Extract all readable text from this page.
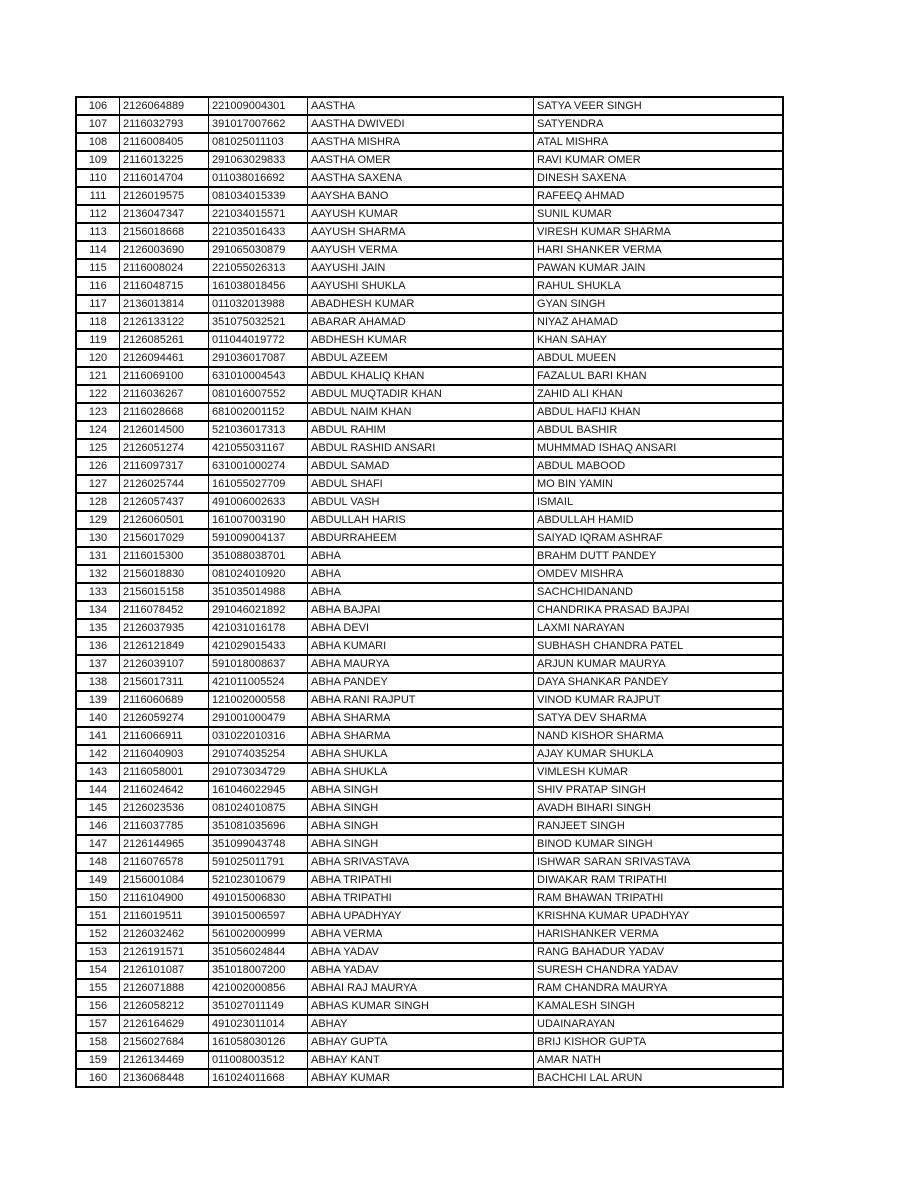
106	2126064889	221009004301	AASTHA	SATYA VEER SINGH
107	2116032793	391017007662	AASTHA DWIVEDI	SATYENDRA
108	2116008405	081025011103	AASTHA MISHRA	ATAL MISHRA
109	2116013225	291063029833	AASTHA OMER	RAVI KUMAR OMER
110	2116014704	011038016692	AASTHA SAXENA	DINESH SAXENA
111	2126019575	081034015339	AAYSHA BANO	RAFEEQ AHMAD
112	2136047347	221034015571	AAYUSH KUMAR	SUNIL KUMAR
113	2156018668	221035016433	AAYUSH SHARMA	VIRESH KUMAR SHARMA
114	2126003690	291065030879	AAYUSH VERMA	HARI SHANKER VERMA
115	2116008024	221055026313	AAYUSHI JAIN	PAWAN KUMAR JAIN
116	2116048715	161038018456	AAYUSHI SHUKLA	RAHUL SHUKLA
117	2136013814	011032013988	ABADHESH KUMAR	GYAN SINGH
118	2126133122	351075032521	ABARAR AHAMAD	NIYAZ AHAMAD
119	2126085261	011044019772	ABDHESH KUMAR	KHAN SAHAY
120	2126094461	291036017087	ABDUL AZEEM	ABDUL MUEEN
121	2116069100	631010004543	ABDUL KHALIQ KHAN	FAZALUL BARI KHAN
122	2116036267	081016007552	ABDUL MUQTADIR KHAN	ZAHID ALI KHAN
123	2116028668	681002001152	ABDUL NAIM KHAN	ABDUL HAFIJ KHAN
124	2126014500	521036017313	ABDUL RAHIM	ABDUL BASHIR
125	2126051274	421055031167	ABDUL RASHID ANSARI	MUHMMAD ISHAQ ANSARI
126	2116097317	631001000274	ABDUL SAMAD	ABDUL MABOOD
127	2126025744	161055027709	ABDUL SHAFI	MO BIN YAMIN
128	2126057437	491006002633	ABDUL VASH	ISMAIL
129	2126060501	161007003190	ABDULLAH HARIS	ABDULLAH HAMID
130	2156017029	591009004137	ABDURRAHEEM	SAIYAD IQRAM ASHRAF
131	2116015300	351088038701	ABHA	BRAHM DUTT PANDEY
132	2156018830	081024010920	ABHA	OMDEV MISHRA
133	2156015158	351035014988	ABHA	SACHCHIDANAND
134	2116078452	291046021892	ABHA BAJPAI	CHANDRIKA PRASAD BAJPAI
135	2126037935	421031016178	ABHA DEVI	LAXMI NARAYAN
136	2126121849	421029015433	ABHA KUMARI	SUBHASH CHANDRA PATEL
137	2126039107	591018008637	ABHA MAURYA	ARJUN KUMAR MAURYA
138	2156017311	421011005524	ABHA PANDEY	DAYA SHANKAR PANDEY
139	2116060689	121002000558	ABHA RANI RAJPUT	VINOD KUMAR RAJPUT
140	2126059274	291001000479	ABHA SHARMA	SATYA DEV SHARMA
141	2116066911	031022010316	ABHA SHARMA	NAND KISHOR SHARMA
142	2116040903	291074035254	ABHA SHUKLA	AJAY KUMAR SHUKLA
143	2116058001	291073034729	ABHA SHUKLA	VIMLESH KUMAR
144	2116024642	161046022945	ABHA SINGH	SHIV PRATAP SINGH
145	2126023536	081024010875	ABHA SINGH	AVADH BIHARI SINGH
146	2116037785	351081035696	ABHA SINGH	RANJEET SINGH
147	2126144965	351099043748	ABHA SINGH	BINOD KUMAR SINGH
148	2116076578	591025011791	ABHA SRIVASTAVA	ISHWAR SARAN SRIVASTAVA
149	2156001084	521023010679	ABHA TRIPATHI	DIWAKAR RAM TRIPATHI
150	2116104900	491015006830	ABHA TRIPATHI	RAM BHAWAN TRIPATHI
151	2116019511	391015006597	ABHA UPADHYAY	KRISHNA KUMAR UPADHYAY
152	2126032462	561002000999	ABHA VERMA	HARISHANKER VERMA
153	2126191571	351056024844	ABHA YADAV	RANG BAHADUR YADAV
154	2126101087	351018007200	ABHA YADAV	SURESH CHANDRA YADAV
155	2126071888	421002000856	ABHAI RAJ MAURYA	RAM CHANDRA MAURYA
156	2126058212	351027011149	ABHAS KUMAR SINGH	KAMALESH SINGH
157	2126164629	491023011014	ABHAY	UDAINARAYAN
158	2156027684	161058030126	ABHAY GUPTA	BRIJ KISHOR GUPTA
159	2126134469	011008003512	ABHAY KANT	AMAR NATH
160	2136068448	161024011668	ABHAY KUMAR	BACHCHI LAL ARUN
